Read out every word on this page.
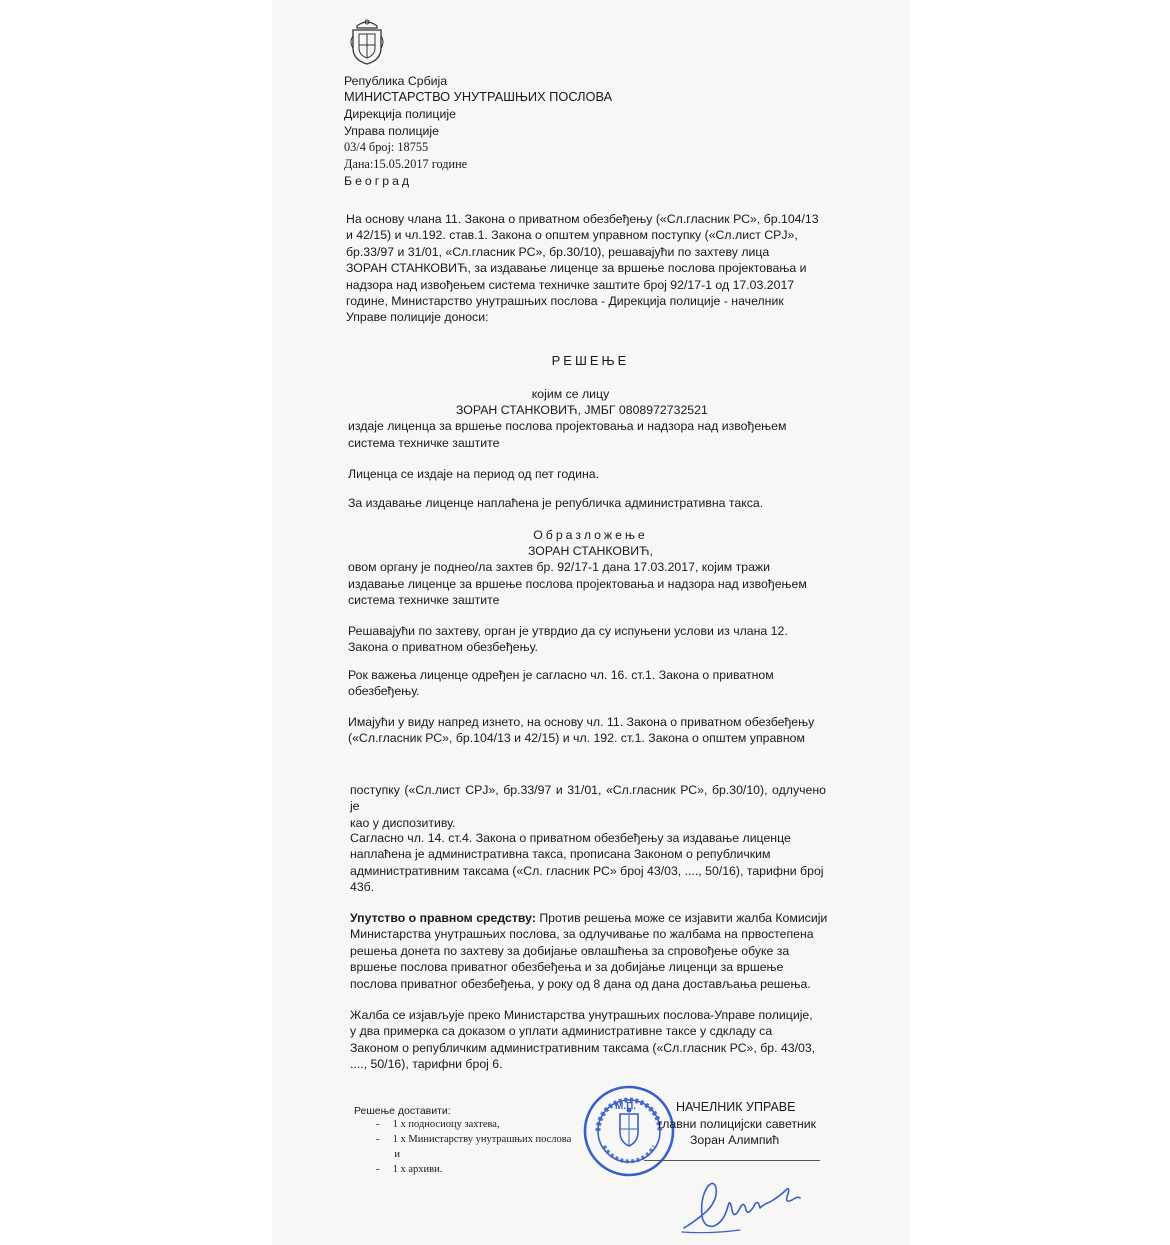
Република Србија
МИНИСТАРСТВО УНУТРАШЊИХ ПОСЛОВА
Дирекција полиције
Управа полиције
03/4 број: 18755
Дана:15.05.2017 године
Београд
На основу члана 11. Закона о приватном обезбеђењу («Сл.гласник РС», бр.104/13
и 42/15) и чл.192. став.1. Закона о општем управном поступку («Сл.лист СРЈ»,
бр.33/97 и 31/01, «Сл.гласник РС», бр.30/10), решавајући по захтеву лица
ЗОРАН СТАНКОВИЋ, за издавање лиценце за вршење послова пројектовања и
надзора над извођењем система техничке заштите број 92/17-1 од 17.03.2017
године, Министарство унутрашњих послова - Дирекција полиције - начелник
Управе полиције доноси:
РЕШЕЊЕ
којим се лицу
ЗОРАН СТАНКОВИЋ, ЈМБГ 0808972732521
издаје лиценца за вршење послова пројектовања и надзора над извођењем
система техничке заштите
Лиценца се издаје на период од пет година.
За издавање лиценце наплаћена је републичка административна такса.
Образложење
ЗОРАН СТАНКОВИЋ,
овом органу је поднео/ла захтев бр. 92/17-1 дана 17.03.2017, којим тражи
издавање лиценце за вршење послова пројектовања и надзора над извођењем
система техничке заштите
Решавајући по захтеву, орган је утврдио да су испуњени услови из члана 12.
Закона о приватном обезбеђењу.
Рок важења лиценце одређен је сагласно чл. 16. ст.1. Закона о приватном
обезбеђењу.
Имајући у виду напред изнето, на основу чл. 11. Закона о приватном обезбеђењу
(«Сл.гласник РС», бр.104/13 и 42/15) и чл. 192. ст.1. Закона о општем управном
поступку («Сл.лист СРЈ», бр.33/97 и 31/01, «Сл.гласник РС», бр.30/10), одлучено је
као у диспозитиву.
Сагласно чл. 14. ст.4. Закона о приватном обезбеђењу за издавање лиценце
наплаћена је административна такса, прописана Законом о републичким
административним таксама («Сл. гласник РС» број 43/03, ...., 50/16), тарифни број
43б.
Упутство о правном средству: Против решења може се изјавити жалба Комисији
Министарства унутрашњих послова, за одлучивање по жалбама на првостепена
решења донета по захтеву за добијање овлашћења за спровођење обуке за
вршење послова приватног обезбеђења и за добијање лиценци за вршење
послова приватног обезбеђења, у року од 8 дана од дана достављања решења.
Жалба се изјављује преко Министарства унутрашњих послова-Управе полиције,
у два примерка са доказом о уплати административне таксе у сдкладу са
Законом о републичким административним таксама («Сл.гласник РС», бр. 43/03,
...., 50/16), тарифни број 6.
Решење доставити:
-     1 х подносиоцу захтева,
-     1 х Министарству унутрашњих послова
и
-     1 х архиви.
М.П.	НАЧЕЛНИК УПРАВЕ
главни полицијски саветник
Зоран Алимпић
